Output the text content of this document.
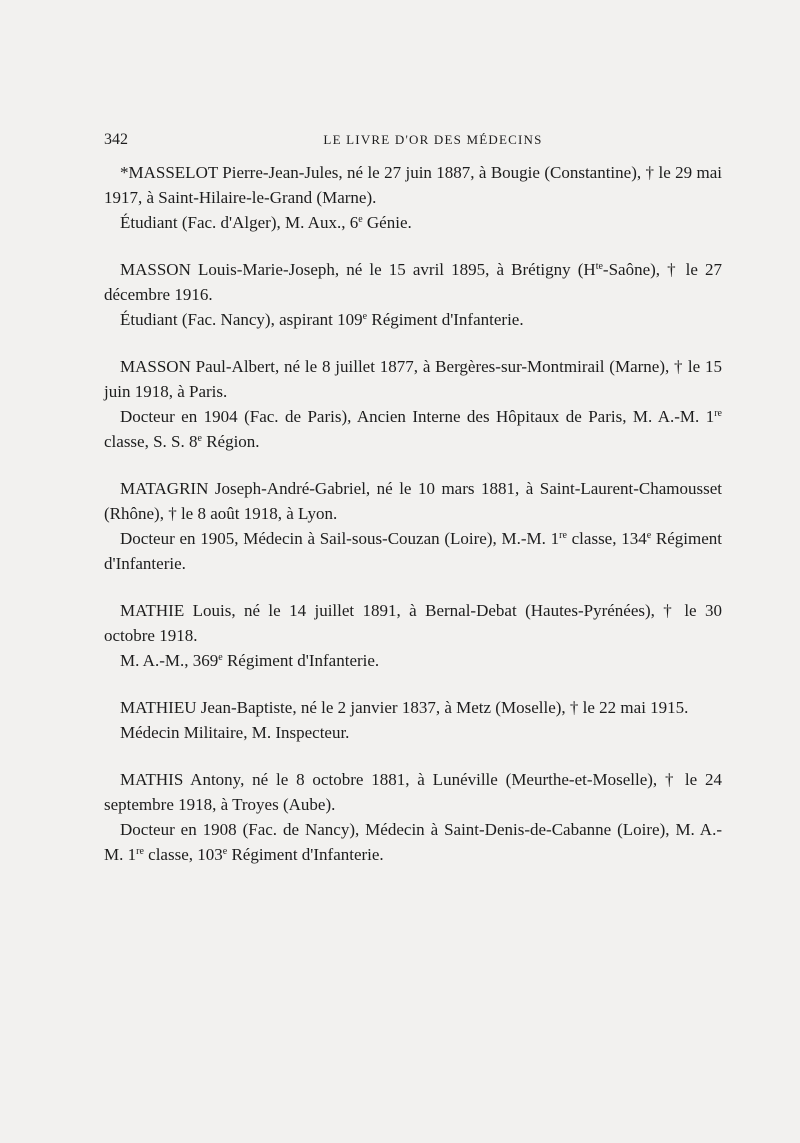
342	LE LIVRE D'OR DES MÉDECINS

*MASSELOT Pierre-Jean-Jules, né le 27 juin 1887, à Bougie (Constantine), † le 29 mai 1917, à Saint-Hilaire-le-Grand (Marne).

Étudiant (Fac. d'Alger), M. Aux., 6e Génie.

MASSON Louis-Marie-Joseph, né le 15 avril 1895, à Brétigny $(H^{te}-Saône)$, † le 27 décembre 1916.

Étudiant (Fac. Nancy), aspirant 109e Régiment d'Infanterie.

MASSON Paul-Albert, né le 8 juillet 1877, à Bergères-sur-Montmirail (Marne), † le 15 juin 1918, à Paris.

Docteur en 1904 (Fac. de Paris), Ancien Interne des Hôpitaux de Paris, M. A.-M. 1re classe, S. S. 8e Région.

MATAGRIN Joseph-André-Gabriel, né le 10 mars 1881, à Saint-Laurent-Chamousset (Rhône), † le 8 août 1918, à Lyon.

Docteur en 1905, Médecin à Sail-sous-Couzan (Loire), M.-M. 1re classe, 134e Régiment d'Infanterie.

MATHIE Louis, né le 14 juillet 1891, à Bernal-Debat (Hautes-Pyrénées), † le 30 octobre 1918.

M. A.-M., 369e Régiment d'Infanterie.

MATHIEU Jean-Baptiste, né le 2 janvier 1837, à Metz (Moselle), † le 22 mai 1915.

Médecin Militaire, M. Inspecteur.

MATHIS Antony, né le 8 octobre 1881, à Lunéville (Meurthe-et-Moselle), † le 24 septembre 1918, à Troyes (Aube).

Docteur en 1908 (Fac. de Nancy), Médecin à Saint-Denis-de-Cabanne (Loire), M. A.-M. 1re classe, 103e Régiment d'Infanterie.
